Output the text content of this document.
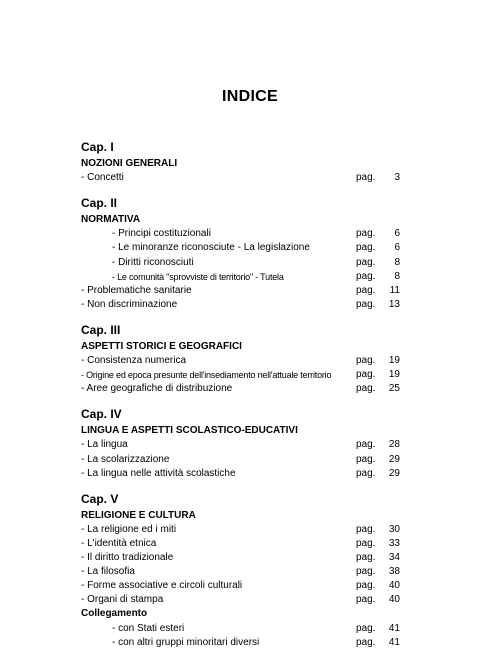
INDICE
Cap. I
NOZIONI GENERALI
- Concetti	pag.	3
Cap. II
NORMATIVA
- Principi costituzionali	pag.	6
- Le minoranze riconosciute - La legislazione	pag.	6
- Diritti riconosciuti	pag.	8
- Le comunità "sprovviste di territorio" - Tutela	pag.	8
- Problematiche sanitarie	pag.	11
- Non discriminazione	pag.	13
Cap. III
ASPETTI STORICI E GEOGRAFICI
- Consistenza numerica	pag.	19
- Origine ed epoca presunte dell'insediamento nell'attuale territorio pag.	19
- Aree geografiche di distribuzione	pag.	25
Cap. IV
LINGUA E ASPETTI SCOLASTICO-EDUCATIVI
- La lingua	pag.	28
- La scolarizzazione	pag.	29
- La lingua nelle attività scolastiche	pag.	29
Cap. V
RELIGIONE E CULTURA
- La religione ed i miti	pag.	30
- L'identità etnica	pag.	33
- Il diritto tradizionale	pag.	34
- La filosofia	pag.	38
- Forme associative e circoli culturali	pag.	40
- Organi di stampa	pag.	40
Collegamento
- con Stati esteri	pag.	41
- con altri gruppi minoritari diversi	pag.	41
